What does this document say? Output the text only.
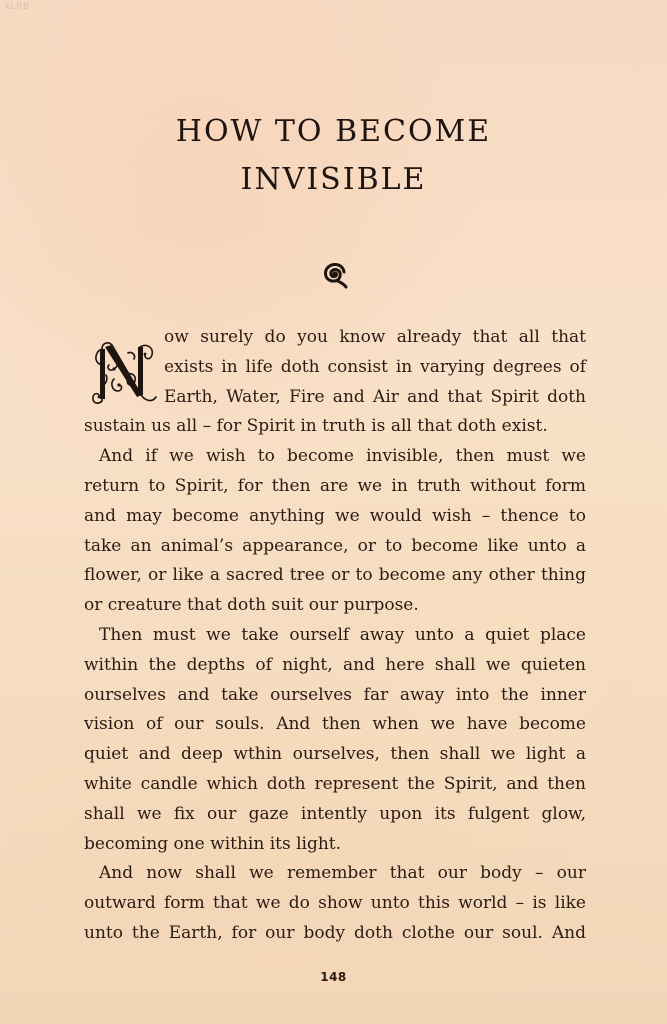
XLRB
HOW TO BECOME
INVISIBLE

ow surely do you know already that all that

exists in life doth consist in varying degrees of

Earth, Water, Fire and Air and that Spirit doth

sustain us all – for Spirit in truth is all that doth exist.

And if we wish to become invisible, then must we

return to Spirit, for then are we in truth without form

and may become anything we would wish – thence to

take an animal’s appearance, or to become like unto a

flower, or like a sacred tree or to become any other thing

or creature that doth suit our purpose.

Then must we take ourself away unto a quiet place

within the depths of night, and here shall we quieten

ourselves and take ourselves far away into the inner

vision of our souls. And then when we have become

quiet and deep wthin ourselves, then shall we light a

white candle which doth represent the Spirit, and then

shall we fix our gaze intently upon its fulgent glow,

becoming one within its light.

And now shall we remember that our body – our

outward form that we do show unto this world – is like

unto the Earth, for our body doth clothe our soul. And

148
